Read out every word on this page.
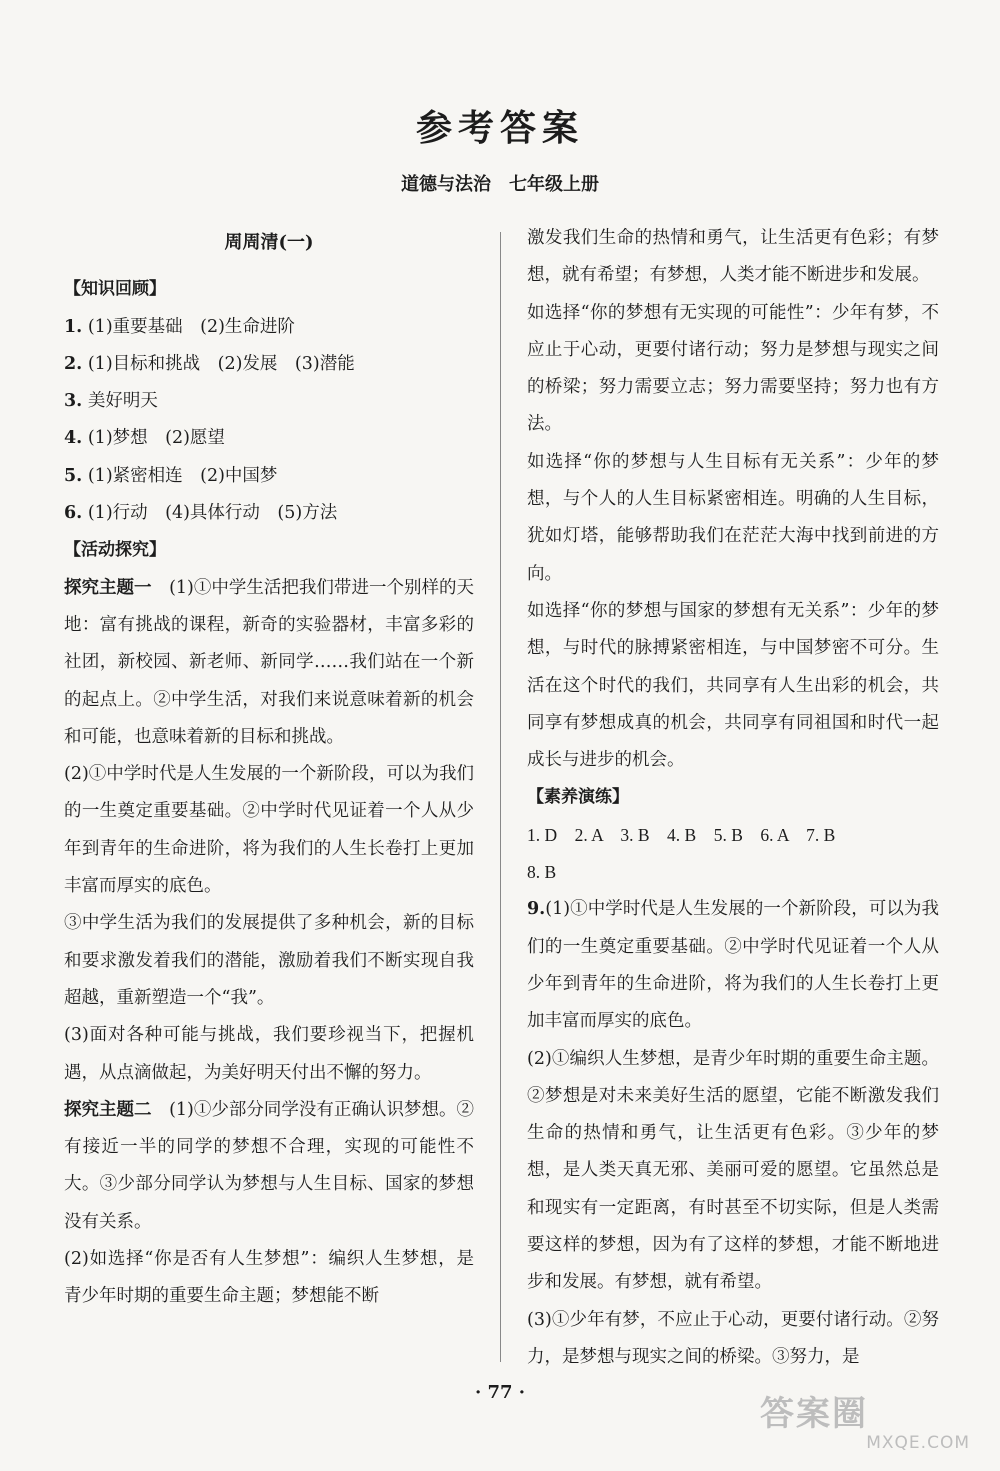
参考答案
道德与法治　七年级上册
周周清(一)
【知识回顾】
1. (1)重要基础　(2)生命进阶
2. (1)目标和挑战　(2)发展　(3)潜能
3. 美好明天
4. (1)梦想　(2)愿望
5. (1)紧密相连　(2)中国梦
6. (1)行动　(4)具体行动　(5)方法
【活动探究】

探究主题一　 (1)①中学生活把我们带进一个别样的天地：富有挑战的课程，新奇的实验器材，丰富多彩的社团，新校园、新老师、新同学……我们站在一个新的起点上。②中学生活，对我们来说意味着新的机会和可能，也意味着新的目标和挑战。

(2)①中学时代是人生发展的一个新阶段，可以为我们的一生奠定重要基础。②中学时代见证着一个人从少年到青年的生命进阶，将为我们的人生长卷打上更加丰富而厚实的底色。

③中学生活为我们的发展提供了多种机会，新的目标和要求激发着我们的潜能，激励着我们不断实现自我超越，重新塑造一个“我”。

(3)面对各种可能与挑战，我们要珍视当下，把握机遇，从点滴做起，为美好明天付出不懈的努力。

探究主题二　 (1)①少部分同学没有正确认识梦想。②有接近一半的同学的梦想不合理，实现的可能性不大。③少部分同学认为梦想与人生目标、国家的梦想没有关系。

(2)如选择“你是否有人生梦想”：编织人生梦想，是青少年时期的重要生命主题；梦想能不断

激发我们生命的热情和勇气，让生活更有色彩；有梦想，就有希望；有梦想，人类才能不断进步和发展。

如选择“你的梦想有无实现的可能性”：少年有梦，不应止于心动，更要付诸行动；努力是梦想与现实之间的桥梁；努力需要立志；努力需要坚持；努力也有方法。

如选择“你的梦想与人生目标有无关系”：少年的梦想，与个人的人生目标紧密相连。明确的人生目标，犹如灯塔，能够帮助我们在茫茫大海中找到前进的方向。

如选择“你的梦想与国家的梦想有无关系”：少年的梦想，与时代的脉搏紧密相连，与中国梦密不可分。生活在这个时代的我们，共同享有人生出彩的机会，共同享有梦想成真的机会，共同享有同祖国和时代一起成长与进步的机会。

【素养演练】
1. D　2. A　3. B　4. B　5. B　6. A　7. B
8. B

9.(1)①中学时代是人生发展的一个新阶段，可以为我们的一生奠定重要基础。②中学时代见证着一个人从少年到青年的生命进阶，将为我们的人生长卷打上更加丰富而厚实的底色。

(2)①编织人生梦想，是青少年时期的重要生命主题。②梦想是对未来美好生活的愿望，它能不断激发我们生命的热情和勇气，让生活更有色彩。③少年的梦想，是人类天真无邪、美丽可爱的愿望。它虽然总是和现实有一定距离，有时甚至不切实际，但是人类需要这样的梦想，因为有了这样的梦想，才能不断地进步和发展。有梦想，就有希望。

(3)①少年有梦，不应止于心动，更要付诸行动。②努力，是梦想与现实之间的桥梁。③努力，是

· 77 ·
答案圈
MXQE.COM
